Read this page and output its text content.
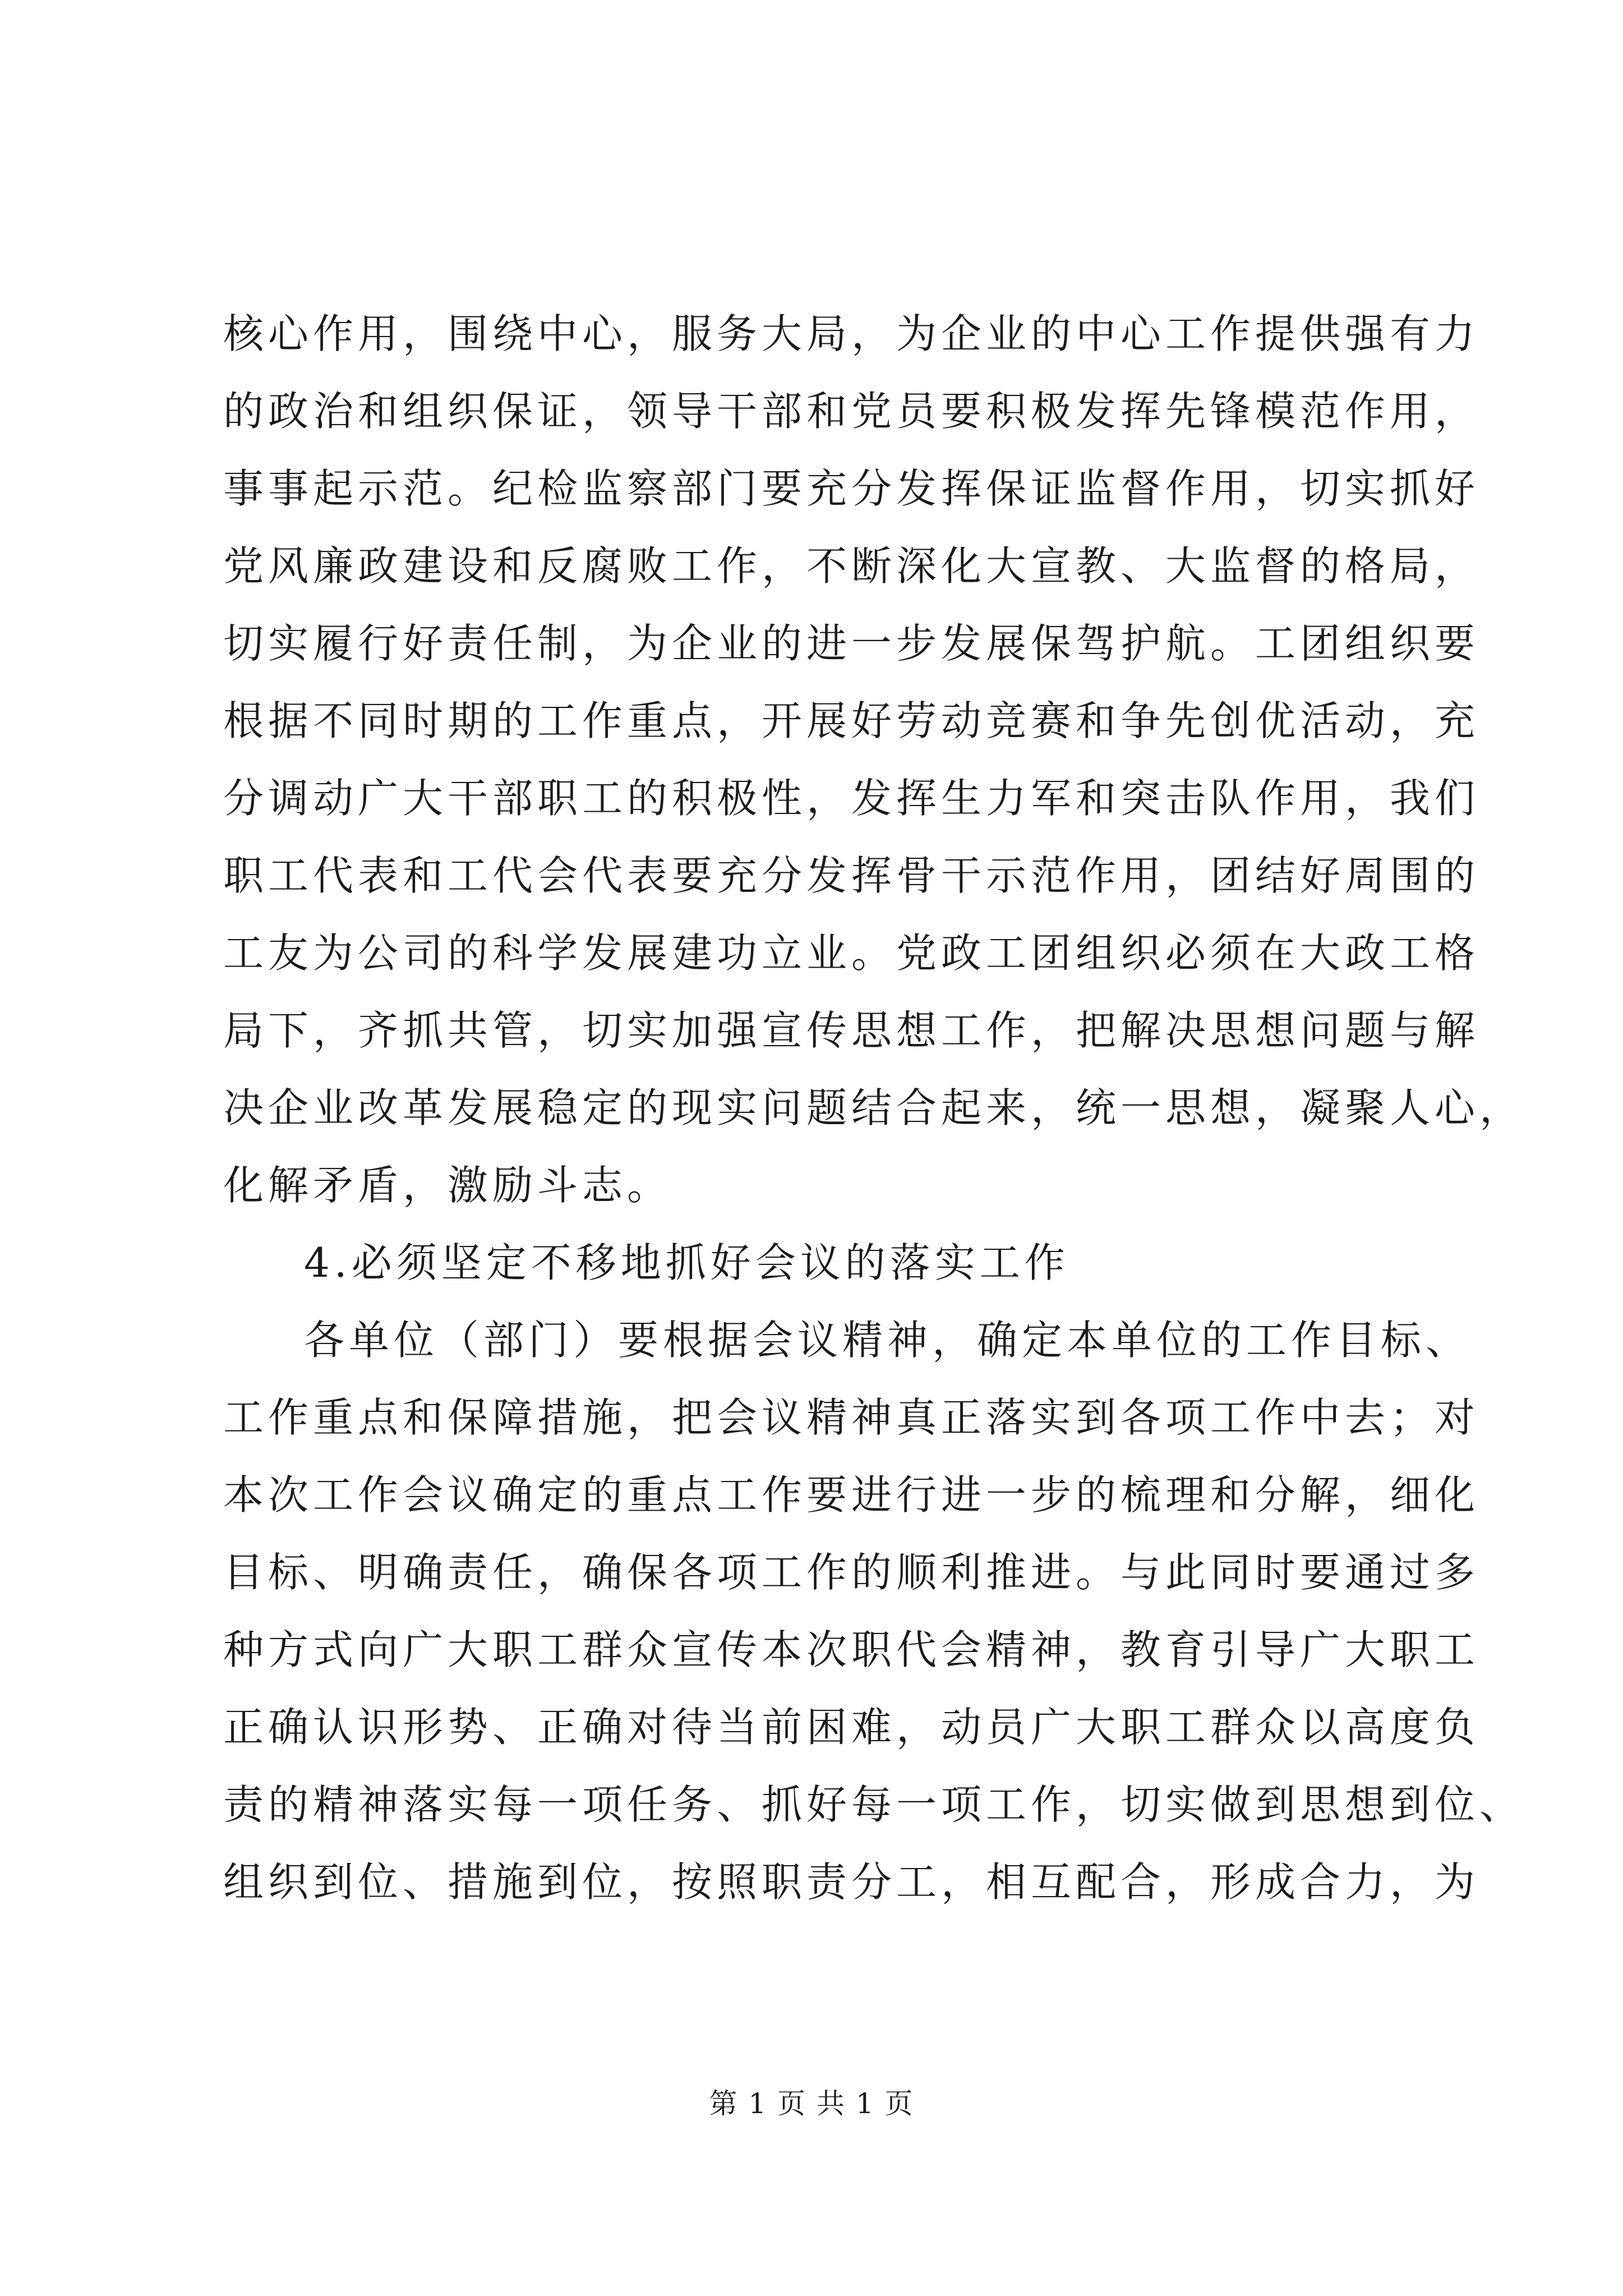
核心作用，围绕中心，服务大局，为企业的中心工作提供强有力
的政治和组织保证，领导干部和党员要积极发挥先锋模范作用，
事事起示范。纪检监察部门要充分发挥保证监督作用，切实抓好
党风廉政建设和反腐败工作，不断深化大宣教、大监督的格局，
切实履行好责任制，为企业的进一步发展保驾护航。工团组织要
根据不同时期的工作重点，开展好劳动竞赛和争先创优活动，充
分调动广大干部职工的积极性，发挥生力军和突击队作用，我们
职工代表和工代会代表要充分发挥骨干示范作用，团结好周围的
工友为公司的科学发展建功立业。党政工团组织必须在大政工格
局下，齐抓共管，切实加强宣传思想工作，把解决思想问题与解
决企业改革发展稳定的现实问题结合起来，统一思想，凝聚人心，
化解矛盾，激励斗志。
4.必须坚定不移地抓好会议的落实工作
各单位（部门）要根据会议精神，确定本单位的工作目标、
工作重点和保障措施，把会议精神真正落实到各项工作中去；对
本次工作会议确定的重点工作要进行进一步的梳理和分解，细化
目标、明确责任，确保各项工作的顺利推进。与此同时要通过多
种方式向广大职工群众宣传本次职代会精神，教育引导广大职工
正确认识形势、正确对待当前困难，动员广大职工群众以高度负
责的精神落实每一项任务、抓好每一项工作，切实做到思想到位、
组织到位、措施到位，按照职责分工，相互配合，形成合力，为
第 1 页 共 1 页
